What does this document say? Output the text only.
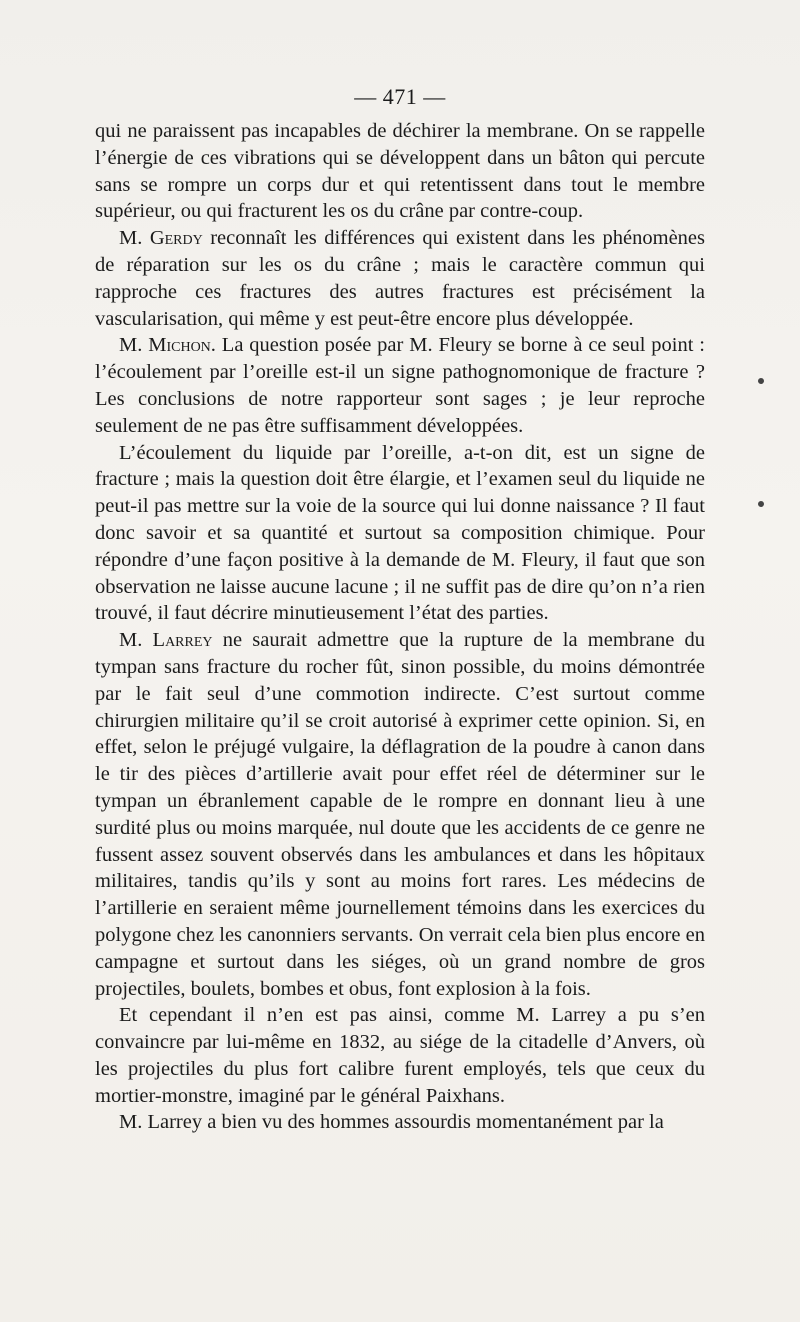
— 471 —

qui ne paraissent pas incapables de déchirer la membrane. On se rappelle l’énergie de ces vibrations qui se développent dans un bâton qui percute sans se rompre un corps dur et qui retentissent dans tout le membre supérieur, ou qui fracturent les os du crâne par contre-coup.

M. Gerdy reconnaît les différences qui existent dans les phénomènes de réparation sur les os du crâne ; mais le caractère commun qui rapproche ces fractures des autres fractures est précisément la vascularisation, qui même y est peut-être encore plus développée.

M. Michon. La question posée par M. Fleury se borne à ce seul point : l’écoulement par l’oreille est-il un signe pathognomonique de fracture ? Les conclusions de notre rapporteur sont sages ; je leur reproche seulement de ne pas être suffisamment développées.

L’écoulement du liquide par l’oreille, a-t-on dit, est un signe de fracture ; mais la question doit être élargie, et l’examen seul du liquide ne peut-il pas mettre sur la voie de la source qui lui donne naissance ? Il faut donc savoir et sa quantité et surtout sa composition chimique. Pour répondre d’une façon positive à la demande de M. Fleury, il faut que son observation ne laisse aucune lacune ; il ne suffit pas de dire qu’on n’a rien trouvé, il faut décrire minutieusement l’état des parties.

M. Larrey ne saurait admettre que la rupture de la membrane du tympan sans fracture du rocher fût, sinon possible, du moins démontrée par le fait seul d’une commotion indirecte. C’est surtout comme chirurgien militaire qu’il se croit autorisé à exprimer cette opinion. Si, en effet, selon le préjugé vulgaire, la déflagration de la poudre à canon dans le tir des pièces d’artillerie avait pour effet réel de déterminer sur le tympan un ébranlement capable de le rompre en donnant lieu à une surdité plus ou moins marquée, nul doute que les accidents de ce genre ne fussent assez souvent observés dans les ambulances et dans les hôpitaux militaires, tandis qu’ils y sont au moins fort rares. Les médecins de l’artillerie en seraient même journellement témoins dans les exercices du polygone chez les canonniers servants. On verrait cela bien plus encore en campagne et surtout dans les siéges, où un grand nombre de gros projectiles, boulets, bombes et obus, font explosion à la fois.

Et cependant il n’en est pas ainsi, comme M. Larrey a pu s’en convaincre par lui-même en 1832, au siége de la citadelle d’Anvers, où les projectiles du plus fort calibre furent employés, tels que ceux du mortier-monstre, imaginé par le général Paixhans.

M. Larrey a bien vu des hommes assourdis momentanément par la
